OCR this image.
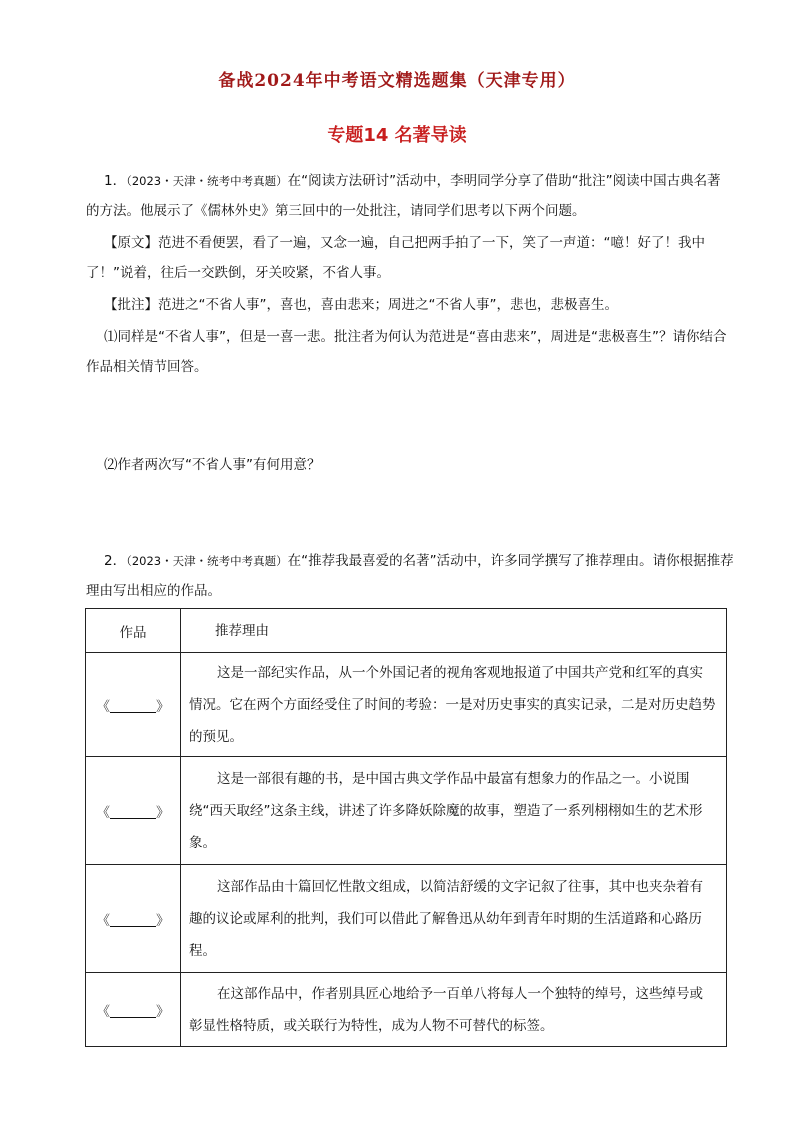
备战2024年中考语文精选题集（天津专用）
专题14 名著导读
1．（2023・天津・统考中考真题）在“阅读方法研讨”活动中，李明同学分享了借助“批注”阅读中国古典名著的方法。他展示了《儒林外史》第三回中的一处批注，请同学们思考以下两个问题。
【原文】范进不看便罢，看了一遍，又念一遍，自己把两手拍了一下，笑了一声道：“噫！好了！我中了！”说着，往后一交跌倒，牙关咬紧，不省人事。
【批注】范进之“不省人事”，喜也，喜由悲来；周进之“不省人事”，悲也，悲极喜生。
⑴同样是“不省人事”，但是一喜一悲。批注者为何认为范进是“喜由悲来”，周进是“悲极喜生”？请你结合作品相关情节回答。
⑵作者两次写“不省人事”有何用意？
2．（2023・天津・统考中考真题）在“推荐我最喜爱的名著”活动中，许多同学撰写了推荐理由。请你根据推荐理由写出相应的作品。
作品	推荐理由
《 》	这是一部纪实作品，从一个外国记者的视角客观地报道了中国共产党和红军的真实情况。它在两个方面经受住了时间的考验：一是对历史事实的真实记录，二是对历史趋势的预见。
《 》	这是一部很有趣的书，是中国古典文学作品中最富有想象力的作品之一。小说围绕“西天取经”这条主线，讲述了许多降妖除魔的故事，塑造了一系列栩栩如生的艺术形象。
《 》	这部作品由十篇回忆性散文组成，以简洁舒缓的文字记叙了往事，其中也夹杂着有趣的议论或犀利的批判，我们可以借此了解鲁迅从幼年到青年时期的生活道路和心路历程。
《 》	在这部作品中，作者别具匠心地给予一百单八将每人一个独特的绰号，这些绰号或彰显性格特质，或关联行为特性，成为人物不可替代的标签。
